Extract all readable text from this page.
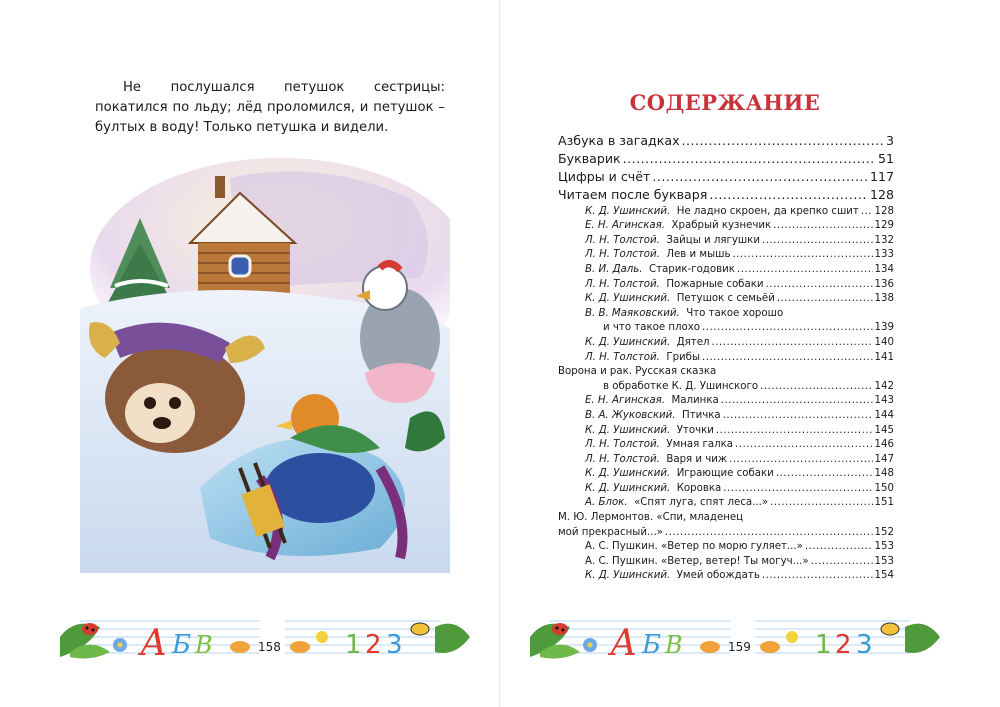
Не послушался петушок сестрицы: покатился по льду; лёд проломился, и петушок – бултых в воду! Только петушка и видели.

А Б В	1 2 3
158
СОДЕРЖАНИЕ
Азбука в загадках .....	3
Букварик .....	51
Цифры и счёт .....	117
Читаем после букваря .....	128
К. Д. Ушинский. Не ладно скроен, да крепко сшит ..... 128
Е. Н. Агинская. Храбрый кузнечик .....	129
Л. Н. Толстой. Зайцы и лягушки .....	132
Л. Н. Толстой. Лев и мышь .....	133
В. И. Даль. Старик-годовик .....	134
Л. Н. Толстой. Пожарные собаки .....	136
К. Д. Ушинский. Петушок с семьёй .....	138
В. В. Маяковский. Что такое хорошо
и что такое плохо .....	139
К. Д. Ушинский. Дятел .....	140
Л. Н. Толстой. Грибы .....	141
Ворона и рак. Русская сказка
в обработке К. Д. Ушинского .....	142
Е. Н. Агинская. Малинка .....	143
В. А. Жуковский. Птичка .....	144
К. Д. Ушинский. Уточки .....	145
Л. Н. Толстой. Умная галка .....	146
Л. Н. Толстой. Варя и чиж .....	147
К. Д. Ушинский. Играющие собаки .....	148
К. Д. Ушинский. Коровка .....	150
А. Блок. «Спят луга, спят леса...» .....	151
М. Ю. Лермонтов. «Спи, младенец
мой прекрасный...» .....	152
А. С. Пушкин. «Ветер по морю гуляет...» .....	153
А. С. Пушкин. «Ветер, ветер! Ты могуч...» .....	153
К. Д. Ушинский. Умей обождать .....	154
А Б В	1 2 3
159
